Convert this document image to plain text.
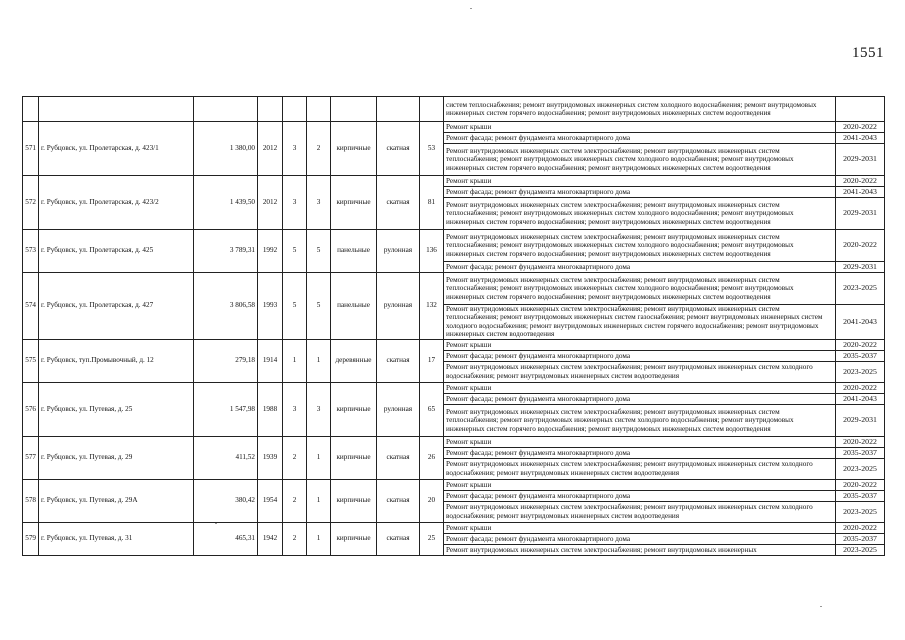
1551
									систем теплоснабжения; ремонт внутридомовых инженерных систем холодного водоснабжения; ремонт внутридомовых инженерных систем горячего водоснабжения; ремонт внутридомовых инженерных систем водоотведения	
571	г. Рубцовск, ул. Пролетарская, д. 423/1	1 380,00	2012	3	2	кирпичные	скатная	53	Ремонт крыши	2020-2022
									Ремонт фасада; ремонт фундамента многоквартирного дома	2041-2043
									Ремонт внутридомовых инженерных систем электроснабжения; ремонт внутридомовых инженерных систем теплоснабжения; ремонт внутридомовых инженерных систем холодного водоснабжения; ремонт внутридомовых инженерных систем горячего водоснабжения; ремонт внутридомовых инженерных систем водоотведения	2029-2031
572	г. Рубцовск, ул. Пролетарская, д. 423/2	1 439,50	2012	3	3	кирпичные	скатная	81	Ремонт крыши	2020-2022
									Ремонт фасада; ремонт фундамента многоквартирного дома	2041-2043
									Ремонт внутридомовых инженерных систем электроснабжения; ремонт внутридомовых инженерных систем теплоснабжения; ремонт внутридомовых инженерных систем холодного водоснабжения; ремонт внутридомовых инженерных систем горячего водоснабжения; ремонт внутридомовых инженерных систем водоотведения	2029-2031
573	г. Рубцовск, ул. Пролетарская, д. 425	3 789,31	1992	5	5	панельные	рулонная	136	Ремонт внутридомовых инженерных систем электроснабжения; ремонт внутридомовых инженерных систем теплоснабжения; ремонт внутридомовых инженерных систем холодного водоснабжения; ремонт внутридомовых инженерных систем горячего водоснабжения; ремонт внутридомовых инженерных систем водоотведения	2020-2022
									Ремонт фасада; ремонт фундамента многоквартирного дома	2029-2031
574	г. Рубцовск, ул. Пролетарская, д. 427	3 806,58	1993	5	5	панельные	рулонная	132	Ремонт внутридомовых инженерных систем электроснабжения; ремонт внутридомовых инженерных систем теплоснабжения; ремонт внутридомовых инженерных систем холодного водоснабжения; ремонт внутридомовых инженерных систем горячего водоснабжения; ремонт внутридомовых инженерных систем водоотведения	2023-2025
									Ремонт внутридомовых инженерных систем электроснабжения; ремонт внутридомовых инженерных систем теплоснабжения; ремонт внутридомовых инженерных систем газоснабжения; ремонт внутридомовых инженерных систем холодного водоснабжения; ремонт внутридомовых инженерных систем горячего водоснабжения; ремонт внутридомовых инженерных систем водоотведения	2041-2043
575	г. Рубцовск, туп.Промывочный, д. 12	279,18	1914	1	1	деревянные	скатная	17	Ремонт крыши	2020-2022
									Ремонт фасада; ремонт фундамента многоквартирного дома	2035-2037
									Ремонт внутридомовых инженерных систем электроснабжения; ремонт внутридомовых инженерных систем холодного водоснабжения; ремонт внутридомовых инженерных систем водоотведения	2023-2025
576	г. Рубцовск, ул. Путевая, д. 25	1 547,98	1988	3	3	кирпичные	рулонная	65	Ремонт крыши	2020-2022
									Ремонт фасада; ремонт фундамента многоквартирного дома	2041-2043
									Ремонт внутридомовых инженерных систем электроснабжения; ремонт внутридомовых инженерных систем теплоснабжения; ремонт внутридомовых инженерных систем холодного водоснабжения; ремонт внутридомовых инженерных систем горячего водоснабжения; ремонт внутридомовых инженерных систем водоотведения	2029-2031
577	г. Рубцовск, ул. Путевая, д. 29	411,52	1939	2	1	кирпичные	скатная	26	Ремонт крыши	2020-2022
									Ремонт фасада; ремонт фундамента многоквартирного дома	2035-2037
									Ремонт внутридомовых инженерных систем электроснабжения; ремонт внутридомовых инженерных систем холодного водоснабжения; ремонт внутридомовых инженерных систем водоотведения	2023-2025
578	г. Рубцовск, ул. Путевая, д. 29А	380,42	1954	2	1	кирпичные	скатная	20	Ремонт крыши	2020-2022
									Ремонт фасада; ремонт фундамента многоквартирного дома	2035-2037
									Ремонт внутридомовых инженерных систем электроснабжения; ремонт внутридомовых инженерных систем холодного водоснабжения; ремонт внутридомовых инженерных систем водоотведения	2023-2025
579	г. Рубцовск, ул. Путевая, д. 31	465,31	1942	2	1	кирпичные	скатная	25	Ремонт крыши	2020-2022
									Ремонт фасада; ремонт фундамента многоквартирного дома	2035-2037
									Ремонт внутридомовых инженерных систем электроснабжения; ремонт внутридомовых инженерных	2023-2025
